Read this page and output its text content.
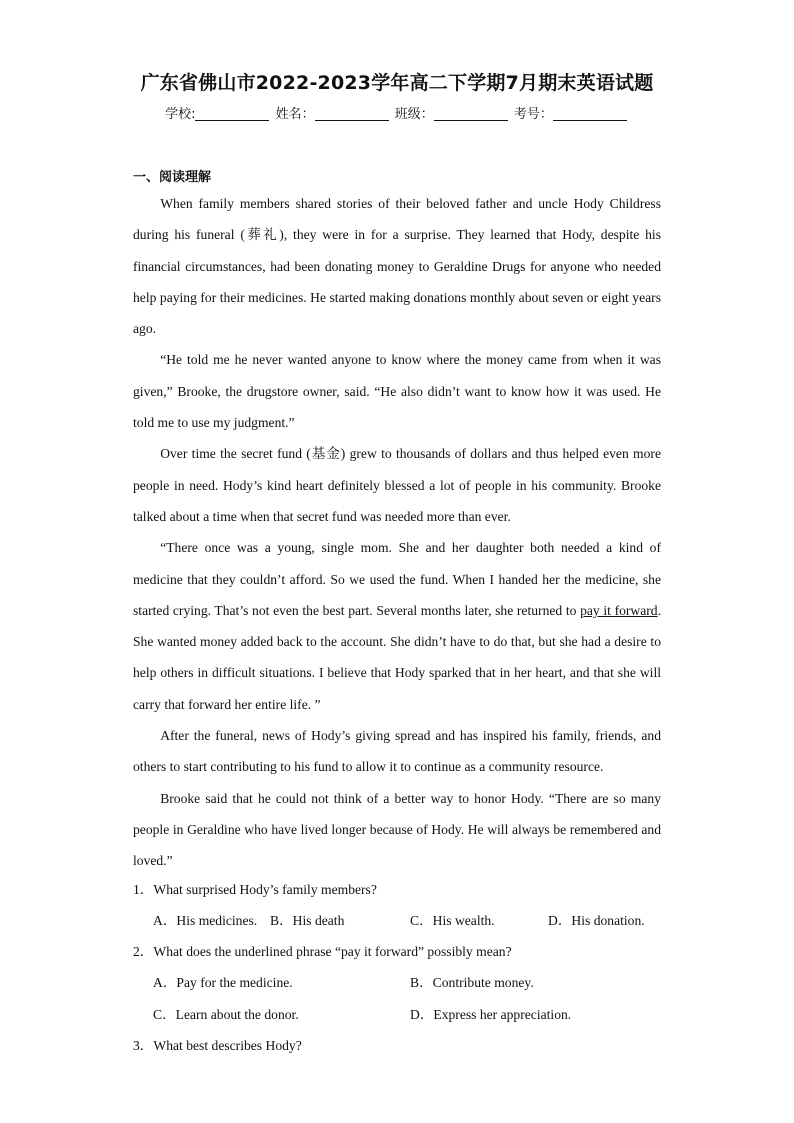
广东省佛山市2022-2023学年高二下学期7月期末英语试题
学校:	姓名：	班级：	考号：
一、阅读理解

When family members shared stories of their beloved father and uncle Hody Childress during his funeral (葬礼), they were in for a surprise. They learned that Hody, despite his financial circumstances, had been donating money to Geraldine Drugs for anyone who needed help paying for their medicines. He started making donations monthly about seven or eight years ago.

“He told me he never wanted anyone to know where the money came from when it was given,” Brooke, the drugstore owner, said. “He also didn’t want to know how it was used. He told me to use my judgment.”

Over time the secret fund (基金) grew to thousands of dollars and thus helped even more people in need. Hody’s kind heart definitely blessed a lot of people in his community. Brooke talked about a time when that secret fund was needed more than ever.

“There once was a young, single mom. She and her daughter both needed a kind of medicine that they couldn’t afford. So we used the fund. When I handed her the medicine, she started crying. That’s not even the best part. Several months later, she returned to pay it forward. She wanted money added back to the account. She didn’t have to do that, but she had a desire to help others in difficult situations. I believe that Hody sparked that in her heart, and that she will carry that forward her entire life. ”

After the funeral, news of Hody’s giving spread and has inspired his family, friends, and others to start contributing to his fund to allow it to continue as a community resource.

Brooke said that he could not think of a better way to honor Hody. “There are so many people in Geraldine who have lived longer because of Hody. He will always be remembered and loved.”

1．What surprised Hody’s family members?
A．His medicines. B．His death	C．His wealth.	D．His donation.
2．What does the underlined phrase “pay it forward” possibly mean?
A．Pay for the medicine.	B．Contribute money.
C．Learn about the donor.	D．Express her appreciation.
3．What best describes Hody?
